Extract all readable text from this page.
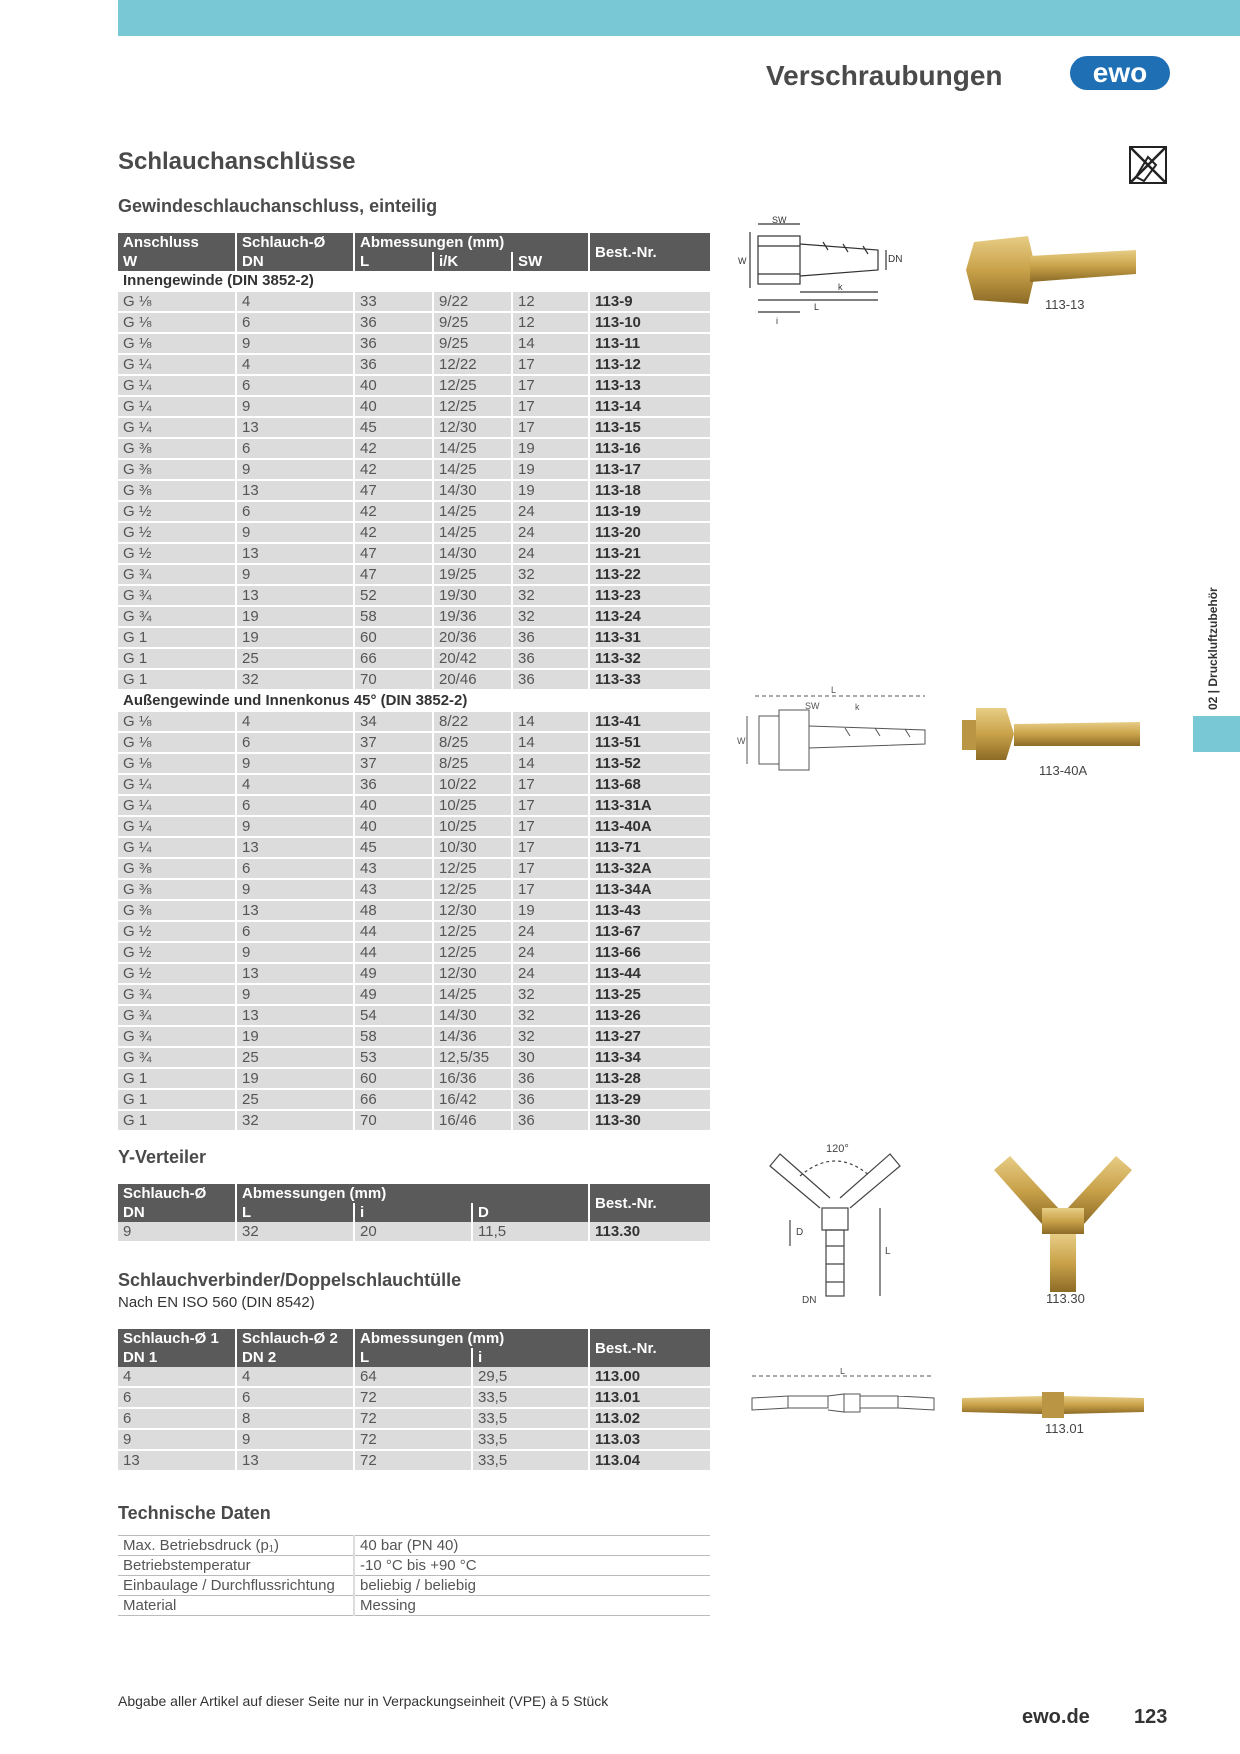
Verschraubungen	ewo
02 | Druckluftzubehör
Schlauchanschlüsse
Gewindeschlauchanschluss, einteilig
Anschluss	Schlauch-Ø	Abmessungen (mm)			Best.-Nr.
W	DN	L	i/K	SW	
Innengewinde (DIN 3852-2)					
G ⅛	4	33	9/22	12	113-9
G ⅛	6	36	9/25	12	113-10
G ⅛	9	36	9/25	14	113-11
G ¼	4	36	12/22	17	113-12
G ¼	6	40	12/25	17	113-13
G ¼	9	40	12/25	17	113-14
G ¼	13	45	12/30	17	113-15
G ⅜	6	42	14/25	19	113-16
G ⅜	9	42	14/25	19	113-17
G ⅜	13	47	14/30	19	113-18
G ½	6	42	14/25	24	113-19
G ½	9	42	14/25	24	113-20
G ½	13	47	14/30	24	113-21
G ¾	9	47	19/25	32	113-22
G ¾	13	52	19/30	32	113-23
G ¾	19	58	19/36	32	113-24
G 1	19	60	20/36	36	113-31
G 1	25	66	20/42	36	113-32
G 1	32	70	20/46	36	113-33
Außengewinde und Innenkonus 45° (DIN 3852-2)					
G ⅛	4	34	8/22	14	113-41
G ⅛	6	37	8/25	14	113-51
G ⅛	9	37	8/25	14	113-52
G ¼	4	36	10/22	17	113-68
G ¼	6	40	10/25	17	113-31A
G ¼	9	40	10/25	17	113-40A
G ¼	13	45	10/30	17	113-71
G ⅜	6	43	12/25	17	113-32A
G ⅜	9	43	12/25	17	113-34A
G ⅜	13	48	12/30	19	113-43
G ½	6	44	12/25	24	113-67
G ½	9	44	12/25	24	113-66
G ½	13	49	12/30	24	113-44
G ¾	9	49	14/25	32	113-25
G ¾	13	54	14/30	32	113-26
G ¾	19	58	14/36	32	113-27
G ¾	25	53	12,5/35	30	113-34
G 1	19	60	16/36	36	113-28
G 1	25	66	16/42	36	113-29
G 1	32	70	16/46	36	113-30
Y-Verteiler
Schlauch-Ø	Abmessungen (mm)			Best.-Nr.
DN	L	i	D	
9	32	20	11,5	113.30
Schlauchverbinder/Doppelschlauchtülle
Nach EN ISO 560 (DIN 8542)
Schlauch-Ø 1	Schlauch-Ø 2	Abmessungen (mm)		Best.-Nr.
DN 1	DN 2	L	i	
4	4	64	29,5	113.00
6	6	72	33,5	113.01
6	8	72	33,5	113.02
9	9	72	33,5	113.03
13	13	72	33,5	113.04
Technische Daten
Max. Betriebsdruck (p₁)	40 bar (PN 40)
Betriebstemperatur	-10 °C bis +90 °C
Einbaulage / Durchflussrichtung	beliebig / beliebig
Material	Messing
SW
W	DN
L
i
k
113-13
L
SW
W
k
113-40A
120°
D
DN
L
113.30
L
113.01
Abgabe aller Artikel auf dieser Seite nur in Verpackungseinheit (VPE) à 5 Stück
ewo.de 123
